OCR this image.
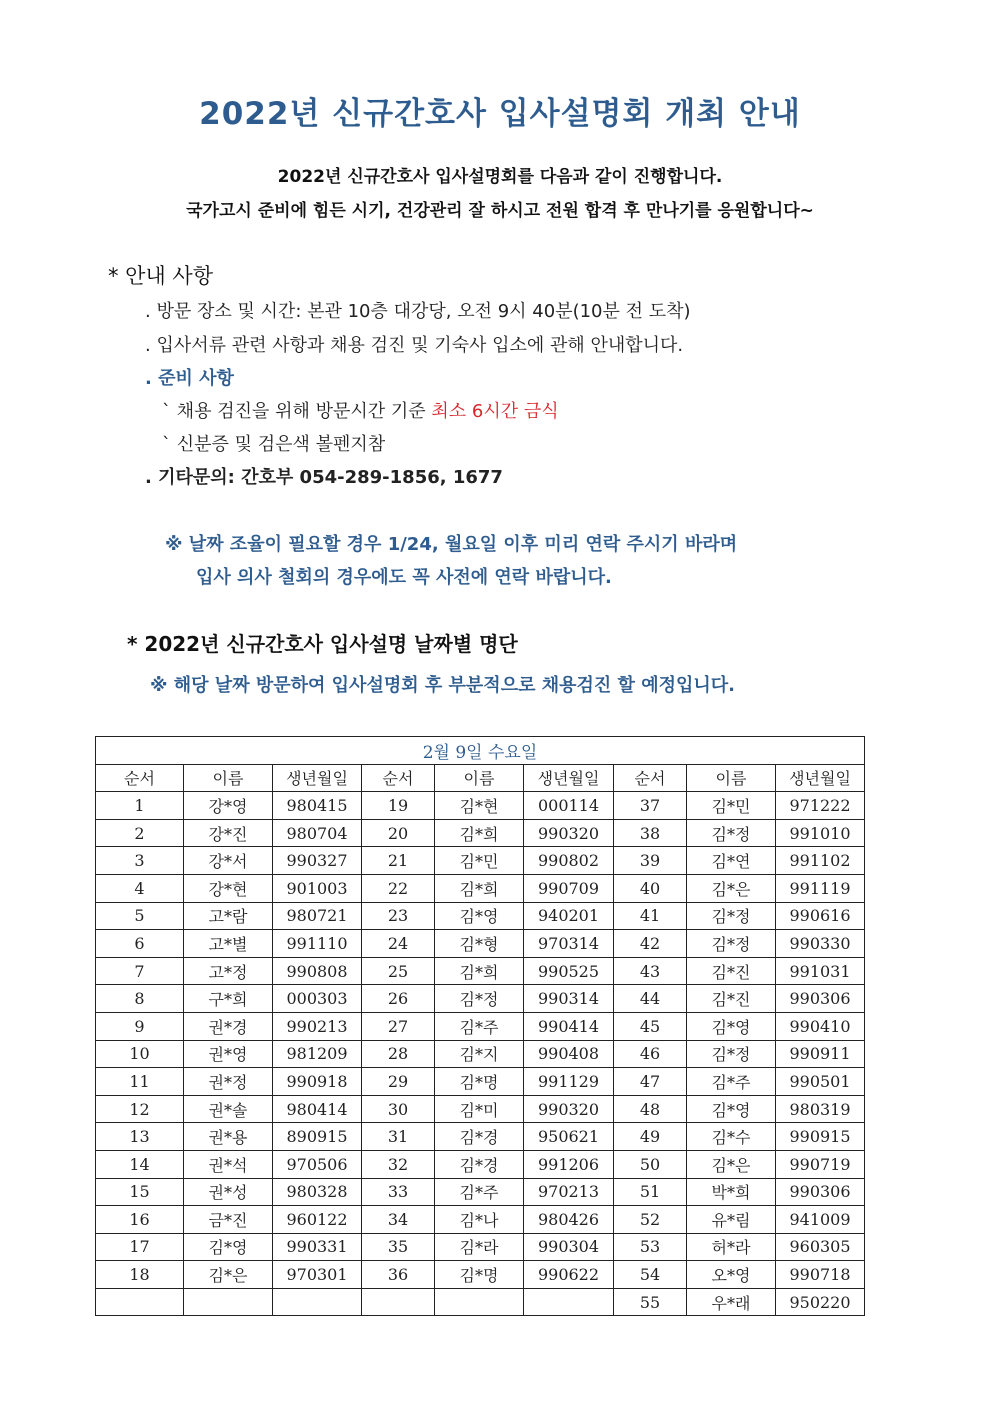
2022년 신규간호사 입사설명회 개최 안내
2022년 신규간호사 입사설명회를 다음과 같이 진행합니다.
국가고시 준비에 힘든 시기, 건강관리 잘 하시고 전원 합격 후 만나기를 응원합니다~
* 안내 사항
. 방문 장소 및 시간: 본관 10층 대강당, 오전 9시 40분(10분 전 도착)
. 입사서류 관련 사항과 채용 검진 및 기숙사 입소에 관해 안내합니다.
. 준비 사항
` 채용 검진을 위해 방문시간 기준 최소 6시간 금식
` 신분증 및 검은색 볼펜지참
. 기타문의: 간호부 054-289-1856, 1677
※ 날짜 조율이 필요할 경우 1/24, 월요일 이후 미리 연락 주시기 바라며
입사 의사 철회의 경우에도 꼭 사전에 연락 바랍니다.
* 2022년 신규간호사 입사설명 날짜별 명단
※ 해당 날짜 방문하여 입사설명회 후 부분적으로 채용검진 할 예정입니다.
2월 9일 수요일								
순서	이름	생년월일	순서	이름	생년월일	순서	이름	생년월일
1	강*영	980415	19	김*현	000114	37	김*민	971222
2	강*진	980704	20	김*희	990320	38	김*정	991010
3	강*서	990327	21	김*민	990802	39	김*연	991102
4	강*현	901003	22	김*희	990709	40	김*은	991119
5	고*람	980721	23	김*영	940201	41	김*정	990616
6	고*별	991110	24	김*형	970314	42	김*정	990330
7	고*정	990808	25	김*희	990525	43	김*진	991031
8	구*희	000303	26	김*정	990314	44	김*진	990306
9	권*경	990213	27	김*주	990414	45	김*영	990410
10	권*영	981209	28	김*지	990408	46	김*정	990911
11	권*정	990918	29	김*명	991129	47	김*주	990501
12	권*솔	980414	30	김*미	990320	48	김*영	980319
13	권*용	890915	31	김*경	950621	49	김*수	990915
14	권*석	970506	32	김*경	991206	50	김*은	990719
15	권*성	980328	33	김*주	970213	51	박*희	990306
16	금*진	960122	34	김*나	980426	52	유*림	941009
17	김*영	990331	35	김*라	990304	53	허*라	960305
18	김*은	970301	36	김*명	990622	54	오*영	990718
						55	우*래	950220
